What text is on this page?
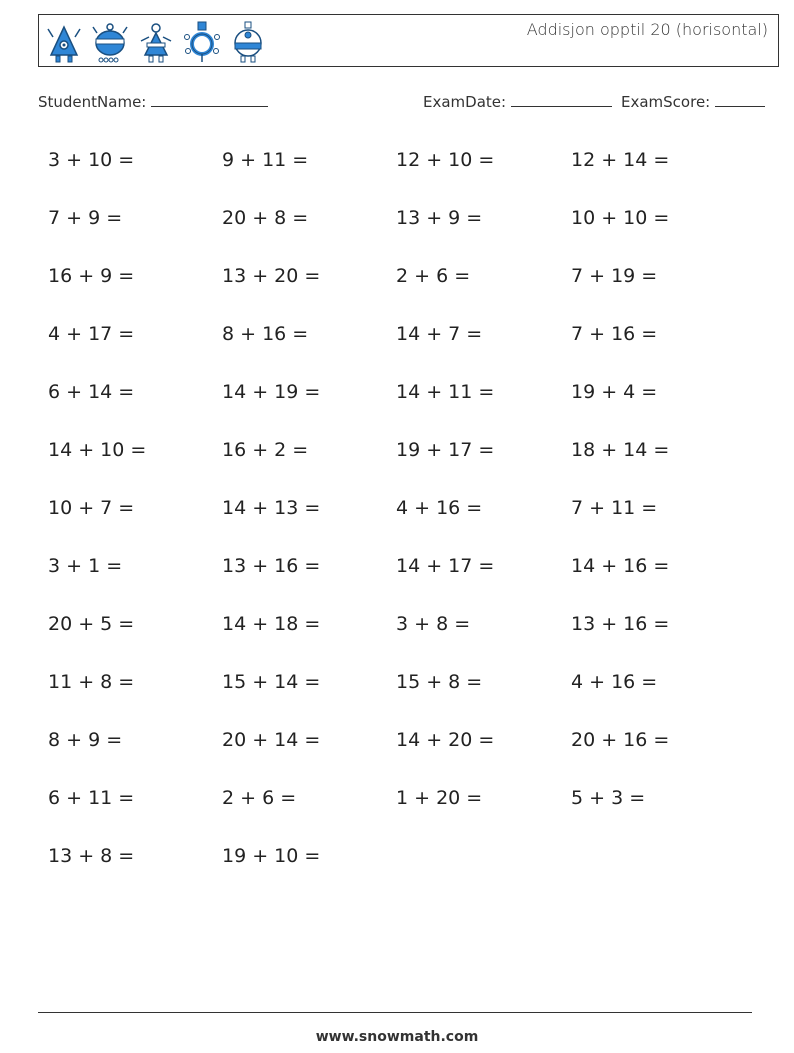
Addisjon opptil 20 (horisontal)
StudentName:	ExamDate:	ExamScore:
3 + 10 =
7 + 9 =
16 + 9 =
4 + 17 =
6 + 14 =
14 + 10 =
10 + 7 =
3 + 1 =
20 + 5 =
11 + 8 =
8 + 9 =
6 + 11 =
13 + 8 =
9 + 11 =
20 + 8 =
13 + 20 =
8 + 16 =
14 + 19 =
16 + 2 =
14 + 13 =
13 + 16 =
14 + 18 =
15 + 14 =
20 + 14 =
2 + 6 =
19 + 10 =
12 + 10 =
13 + 9 =
2 + 6 =
14 + 7 =
14 + 11 =
19 + 17 =
4 + 16 =
14 + 17 =
3 + 8 =
15 + 8 =
14 + 20 =
1 + 20 =
12 + 14 =
10 + 10 =
7 + 19 =
7 + 16 =
19 + 4 =
18 + 14 =
7 + 11 =
14 + 16 =
13 + 16 =
4 + 16 =
20 + 16 =
5 + 3 =
www.snowmath.com
